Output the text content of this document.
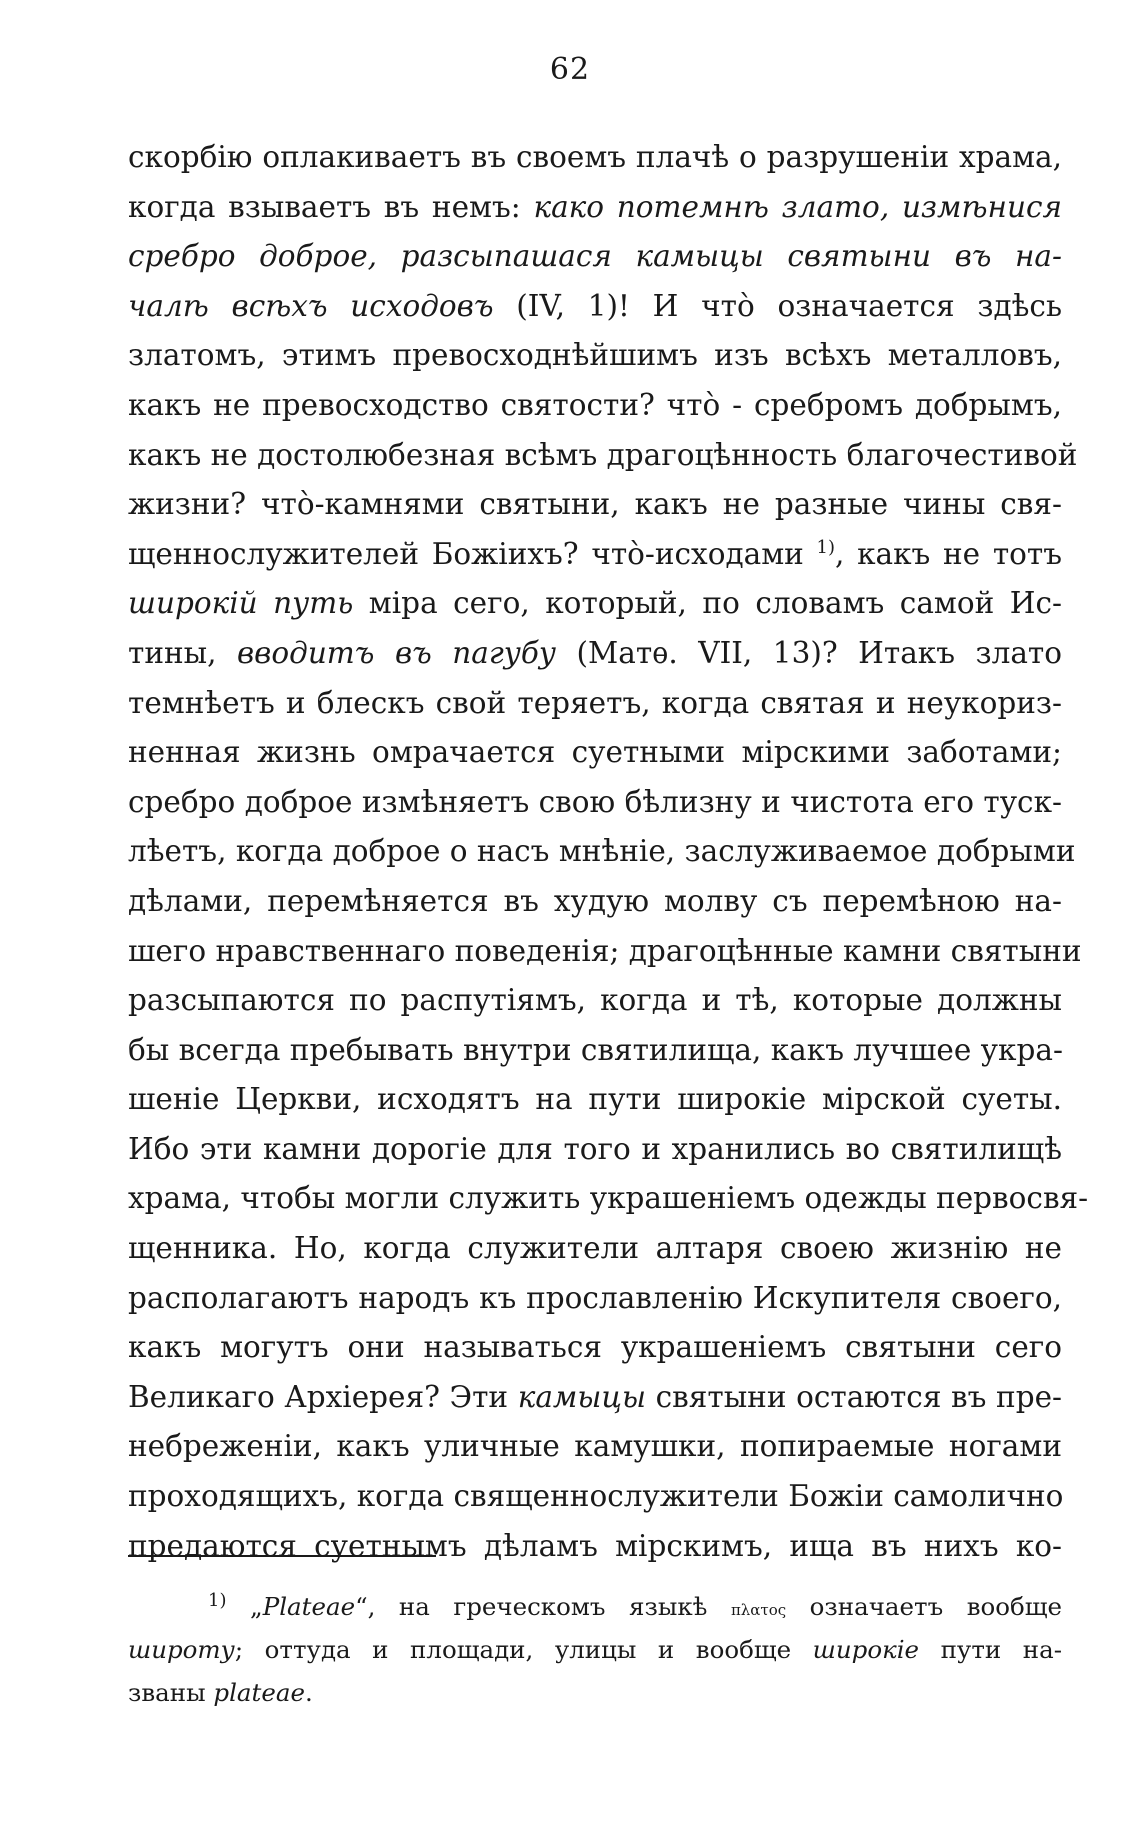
62
скорбію оплакиваетъ въ своемъ плачѣ о разрушеніи храма,
когда взываетъ въ немъ: како потемнѣ злато, измѣнися
сребро доброе, разсыпашася камыцы святыни въ на-
чалѣ всѣхъ исходовъ (IV, 1)! И что̀ означается здѣсь
златомъ, этимъ превосходнѣйшимъ изъ всѣхъ металловъ,
какъ не превосходство святости? что̀ - сребромъ добрымъ,
какъ не достолюбезная всѣмъ драгоцѣнность благочестивой
жизни? что̀-камнями святыни, какъ не разные чины свя-
щеннослужителей Божіихъ? что̀-исходами $^{1)}$, какъ не тотъ
широкій путь міра сего, который, по словамъ самой Ис-
тины, вводитъ въ пагубу (Матѳ. VII, 13)? Итакъ злато
темнѣетъ и блескъ свой теряетъ, когда святая и неукориз-
ненная жизнь омрачается суетными мірскими заботами;
сребро доброе измѣняетъ свою бѣлизну и чистота его туск-
лѣетъ, когда доброе о насъ мнѣніе, заслуживаемое добрыми
дѣлами, перемѣняется въ худую молву съ перемѣною на-
шего нравственнаго поведенія; драгоцѣнные камни святыни
разсыпаются по распутіямъ, когда и тѣ, которые должны
бы всегда пребывать внутри святилища, какъ лучшее укра-
шеніе Церкви, исходятъ на пути широкіе мірской суеты.
Ибо эти камни дорогіе для того и хранились во святилищѣ
храма, чтобы могли служить украшеніемъ одежды первосвя-
щенника. Но, когда служители алтаря своею жизнію не
располагаютъ народъ къ прославленію Искупителя своего,
какъ могутъ они называться украшеніемъ святыни сего
Великаго Архіерея? Эти камыцы святыни остаются въ пре-
небреженіи, какъ уличные камушки, попираемые ногами
проходящихъ, когда священнослужители Божіи самолично
предаются суетнымъ дѣламъ мірскимъ, ища въ нихъ ко-
$^{1)}$ „Plateae“, на греческомъ языкѣ πλατος означаетъ вообще
широту; оттуда и площади, улицы и вообще широкіе пути на-
званы plateae.
